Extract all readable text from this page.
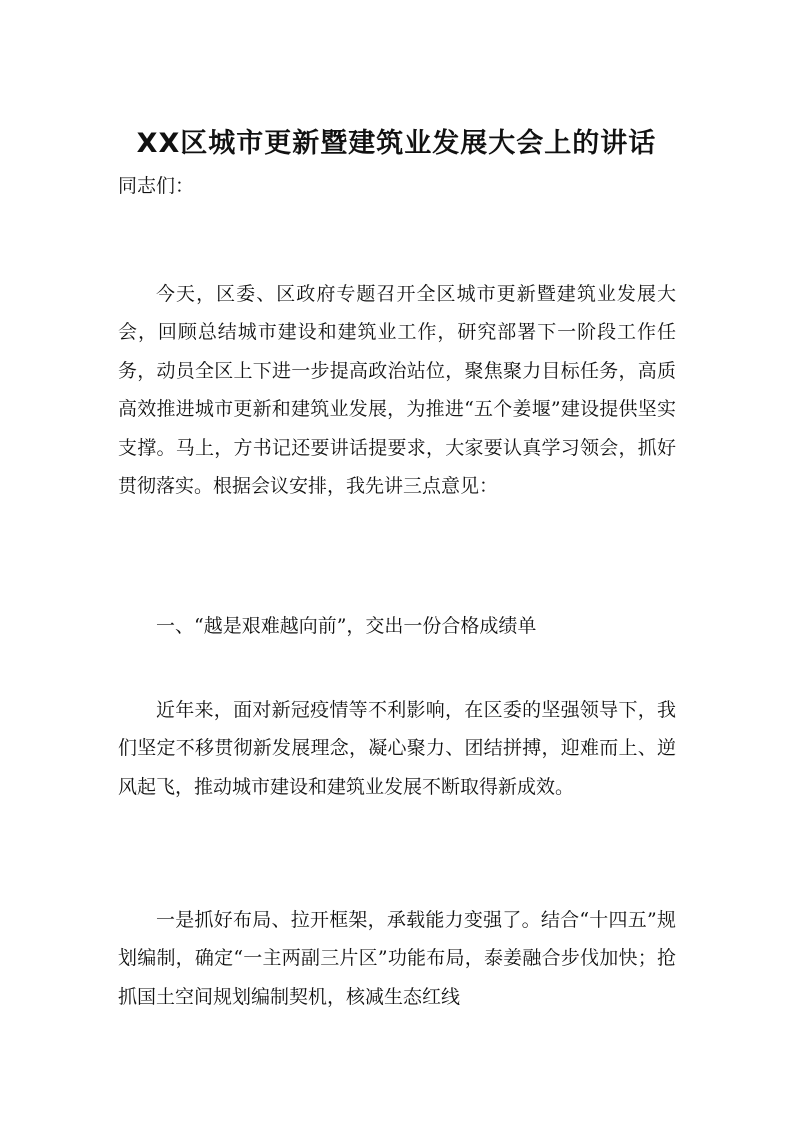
XX区城市更新暨建筑业发展大会上的讲话

同志们：

今天，区委、区政府专题召开全区城市更新暨建筑业发展大会，回顾总结城市建设和建筑业工作，研究部署下一阶段工作任务，动员全区上下进一步提高政治站位，聚焦聚力目标任务，高质高效推进城市更新和建筑业发展，为推进“五个姜堰”建设提供坚实支撑。马上，方书记还要讲话提要求，大家要认真学习领会，抓好贯彻落实。根据会议安排，我先讲三点意见：

一、“越是艰难越向前”，交出一份合格成绩单

近年来，面对新冠疫情等不利影响，在区委的坚强领导下，我们坚定不移贯彻新发展理念，凝心聚力、团结拼搏，迎难而上、逆风起飞，推动城市建设和建筑业发展不断取得新成效。

一是抓好布局、拉开框架，承载能力变强了。结合“十四五”规划编制，确定“一主两副三片区”功能布局，泰姜融合步伐加快；抢抓国土空间规划编制契机，核减生态红线
